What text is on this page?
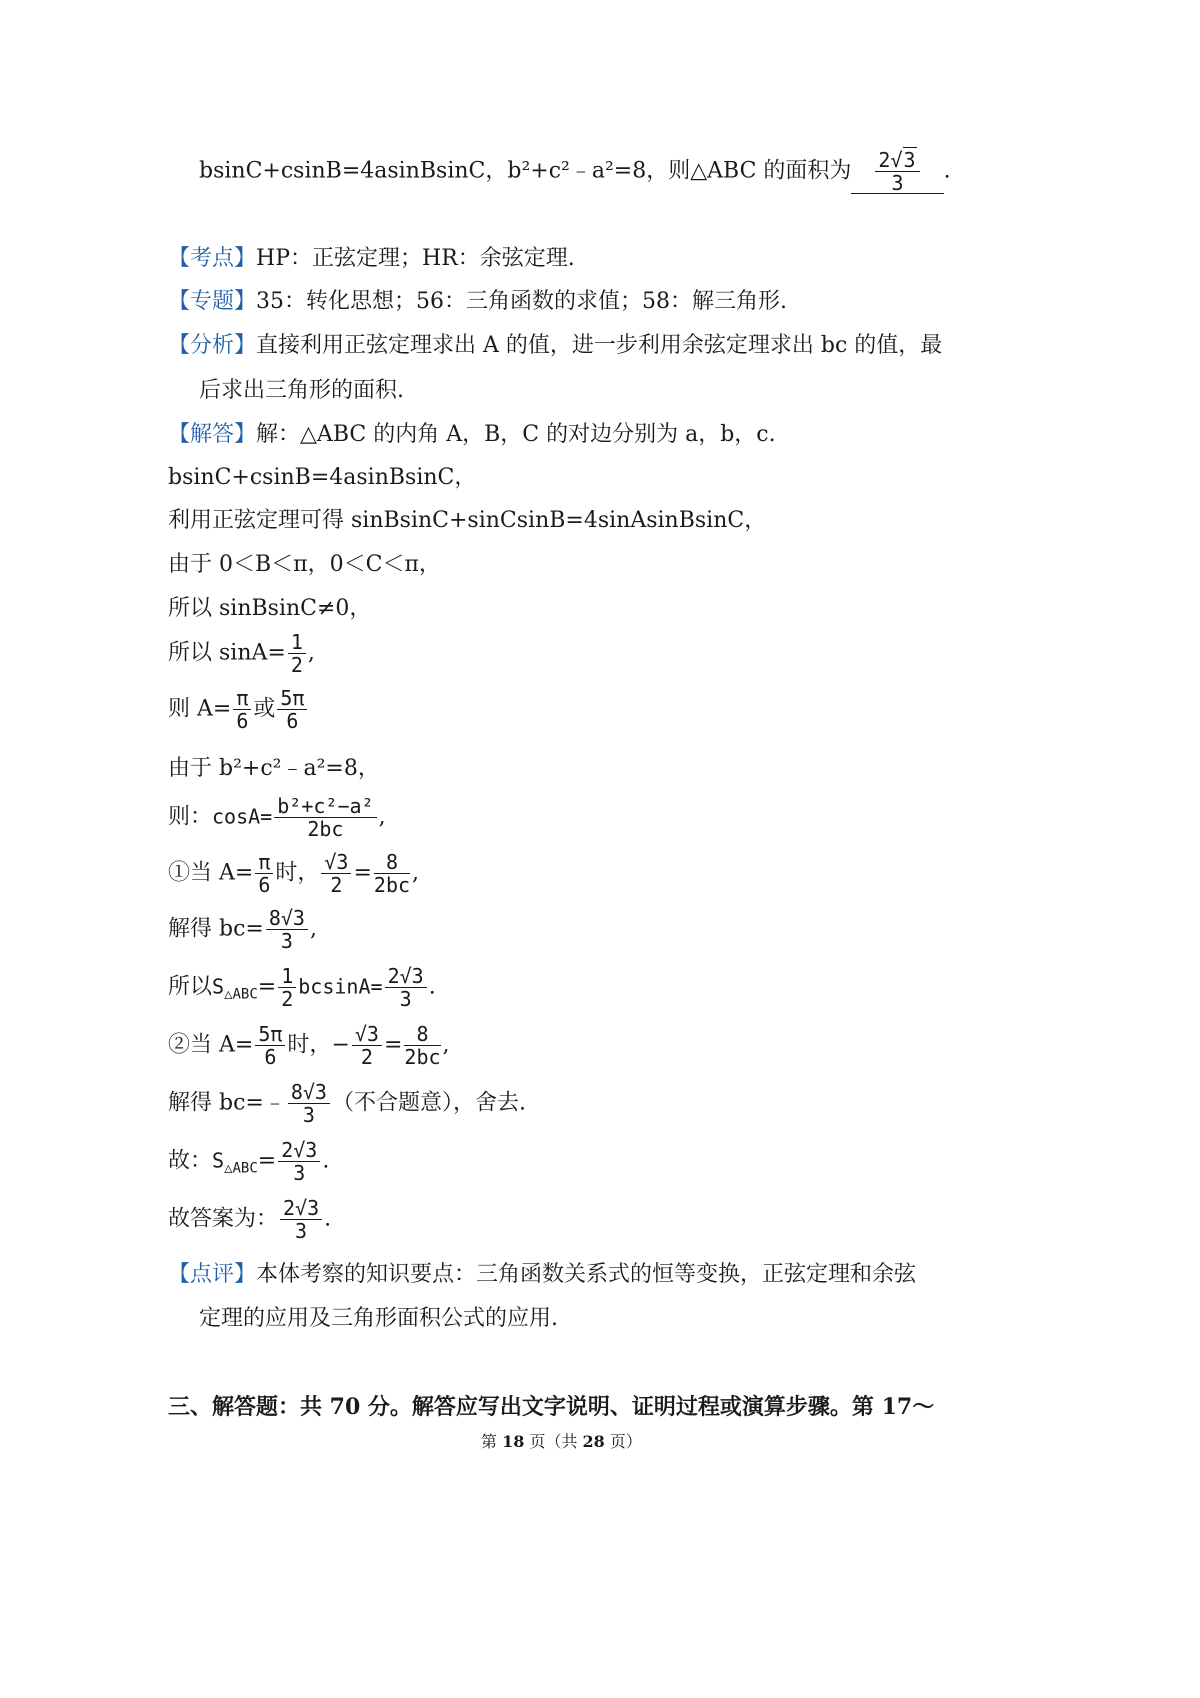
bsinC+csinB=4asinBsinC，b²+c²﹣a²=8，则△ABC 的面积为 $\frac{2√3}{3}$ .
【考点】HP：正弦定理；HR：余弦定理.
【专题】35：转化思想；56：三角函数的求值；58：解三角形.
【分析】直接利用正弦定理求出 A 的值，进一步利用余弦定理求出 bc 的值，最
后求出三角形的面积.
【解答】解：△ABC 的内角 A，B，C 的对边分别为 a，b，c.
bsinC+csinB=4asinBsinC，
利用正弦定理可得 sinBsinC+sinCsinB=4sinAsinBsinC，
由于 0＜B＜π，0＜C＜π，
所以 sinBsinC≠0，
所以 $\sin A= \frac{1}{2}$ ,
则 $A= \frac{\pi}{6}$ 或 $\frac{5\pi}{6}$
由于 b²+c²﹣a²=8，
则：$\cos A= \frac{\text{b²+c²−a²}}{2bc}$ ,
①当 $A= \frac{\pi}{6}$ 时， $\frac{√3}{2} = \frac{8}{2bc}$ ,
解得 $bc= \frac{8√3}{3}$ ,
所以$S_{\triangle ABC}= \frac{1}{2} bcsinA= \frac{2√3}{3}$ .
②当 $A= \frac{5\pi}{6}$ 时，− $\frac{√3}{2} = \frac{8}{2bc}$ ,
解得 bc=﹣ $\frac{8√3}{3}$ （不合题意），舍去.
故：$S_{\triangle ABC}= \frac{2√3}{3}$ .
故答案为： $\frac{2√3}{3}$ .
【点评】本体考察的知识要点：三角函数关系式的恒等变换，正弦定理和余弦
定理的应用及三角形面积公式的应用.
三、解答题：共 70 分。解答应写出文字说明、证明过程或演算步骤。第 17～
第 18 页（共 28 页）
